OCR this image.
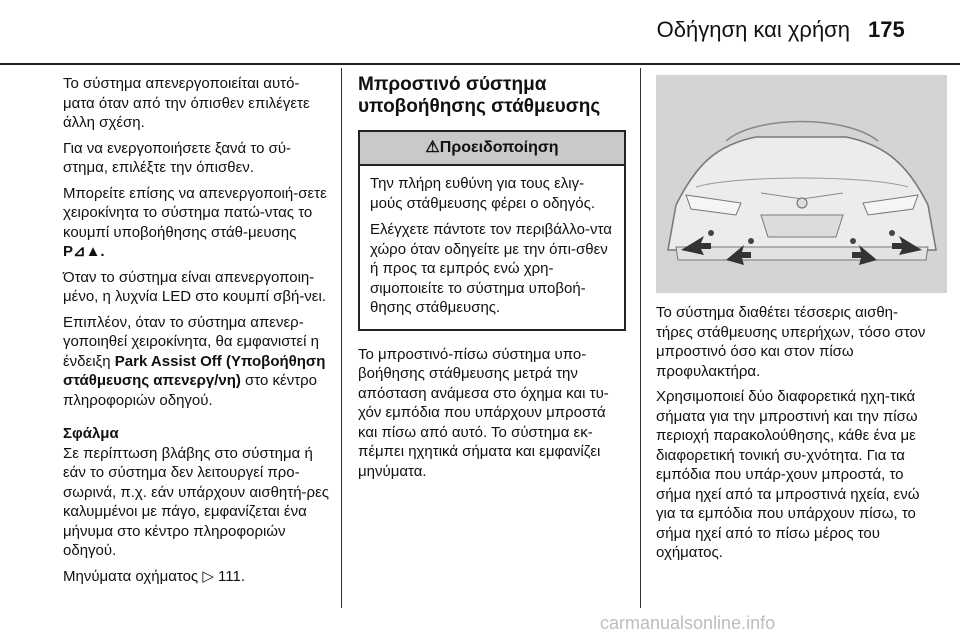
Οδήγηση και χρήση 175

Το σύστημα απενεργοποιείται αυτό-ματα όταν από την όπισθεν επιλέγετε άλλη σχέση.

Για να ενεργοποιήσετε ξανά το σύ-στημα, επιλέξτε την όπισθεν.

Μπορείτε επίσης να απενεργοποιή-σετε χειροκίνητα το σύστημα πατώ-ντας το κουμπί υποβοήθησης στάθ-μευσης P⊿▲.

Όταν το σύστημα είναι απενεργοποιη-μένο, η λυχνία LED στο κουμπί σβή-νει.

Επιπλέον, όταν το σύστημα απενερ-γοποιηθεί χειροκίνητα, θα εμφανιστεί η ένδειξη Park Assist Off (Υποβοήθηση στάθμευσης απενεργ/νη) στο κέντρο πληροφοριών οδηγού.

Σφάλμα

Σε περίπτωση βλάβης στο σύστημα ή εάν το σύστημα δεν λειτουργεί προ-σωρινά, π.χ. εάν υπάρχουν αισθητή-ρες καλυμμένοι με πάγο, εμφανίζεται ένα μήνυμα στο κέντρο πληροφοριών οδηγού.

Μηνύματα οχήματος ▷ 111.

Μπροστινό σύστημα υποβοήθησης στάθμευσης
⚠Προειδοποίηση

Την πλήρη ευθύνη για τους ελιγ-μούς στάθμευσης φέρει ο οδηγός.

Ελέγχετε πάντοτε τον περιβάλλο-ντα χώρο όταν οδηγείτε με την όπι-σθεν ή προς τα εμπρός ενώ χρη-σιμοποιείτε το σύστημα υποβοή-θησης στάθμευσης.

Το μπροστινό-πίσω σύστημα υπο-βοήθησης στάθμευσης μετρά την απόσταση ανάμεσα στο όχημα και τυ-χόν εμπόδια που υπάρχουν μπροστά και πίσω από αυτό. Το σύστημα εκ-πέμπει ηχητικά σήματα και εμφανίζει μηνύματα.

Το σύστημα διαθέτει τέσσερις αισθη-τήρες στάθμευσης υπερήχων, τόσο στον μπροστινό όσο και στον πίσω προφυλακτήρα.

Χρησιμοποιεί δύο διαφορετικά ηχη-τικά σήματα για την μπροστινή και την πίσω περιοχή παρακολούθησης, κάθε ένα με διαφορετική τονική συ-χνότητα. Για τα εμπόδια που υπάρ-χουν μπροστά, το σήμα ηχεί από τα μπροστινά ηχεία, ενώ για τα εμπόδια που υπάρχουν πίσω, το σήμα ηχεί από το πίσω μέρος του οχήματος.

carmanualsonline.info
